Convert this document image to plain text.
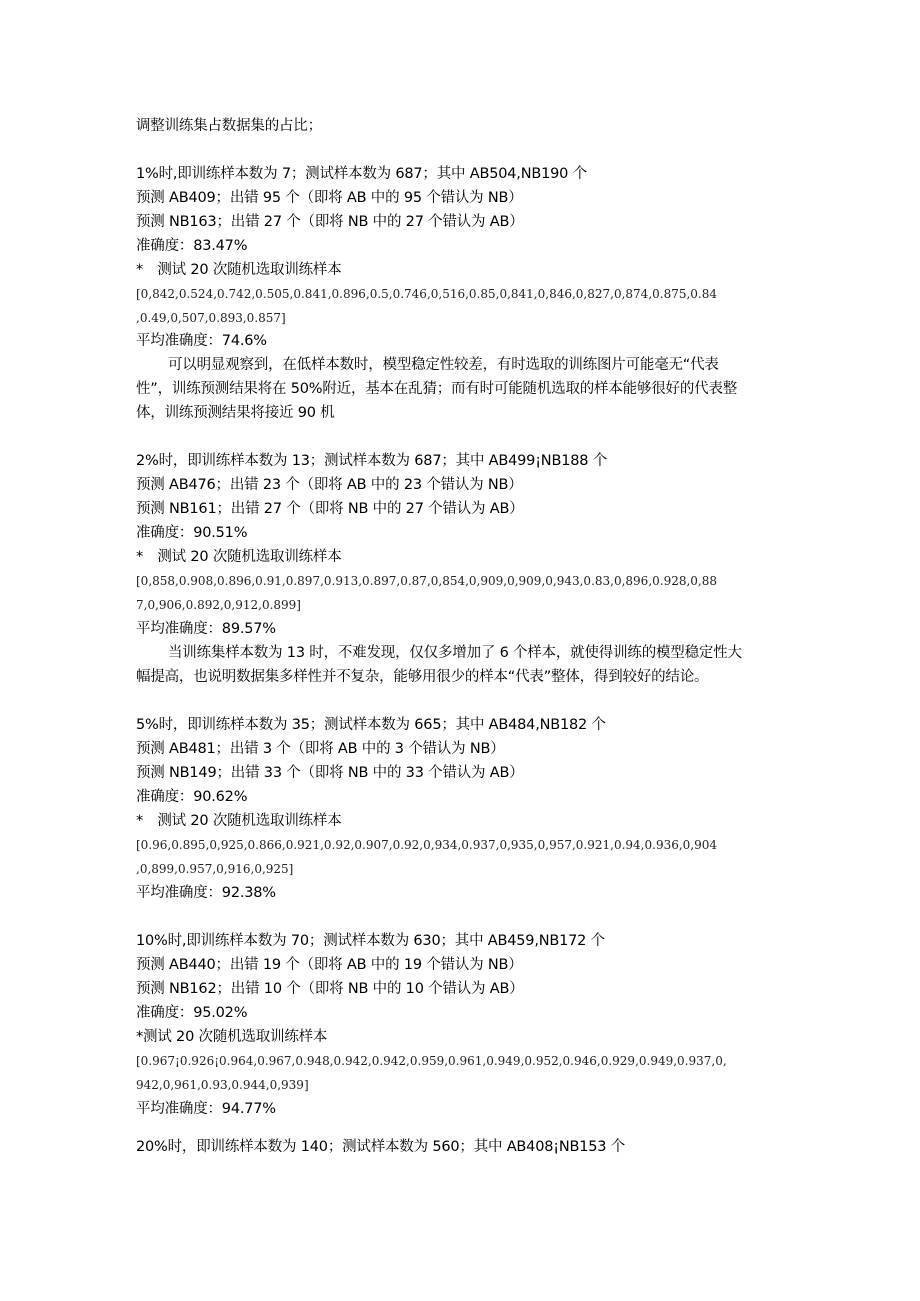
调整训练集占数据集的占比；
1%时,即训练样本数为 7；测试样本数为 687；其中 AB504,NB190 个
预测 AB409；出错 95 个（即将 AB 中的 95 个错认为 NB）
预测 NB163；出错 27 个（即将 NB 中的 27 个错认为 AB）
准确度：83.47%
*　测试 20 次随机选取训练样本
[0,842,0.524,0.742,0.505,0.841,0.896,0.5,0.746,0,516,0.85,0,841,0,846,0,827,0,874,0.875,0.84
,0.49,0,507,0.893,0.857]
平均准确度：74.6%
可以明显观察到，在低样本数时，模型稳定性较差，有时选取的训练图片可能毫无“代表
性”，训练预测结果将在 50%附近，基本在乱猜；而有时可能随机选取的样本能够很好的代表整
体，训练预测结果将接近 90 机
2%时，即训练样本数为 13；测试样本数为 687；其中 AB499¡NB188 个
预测 AB476；出错 23 个（即将 AB 中的 23 个错认为 NB）
预测 NB161；出错 27 个（即将 NB 中的 27 个错认为 AB）
准确度：90.51%
*　测试 20 次随机选取训练样本
[0,858,0.908,0.896,0.91,0.897,0.913,0.897,0.87,0,854,0,909,0,909,0,943,0.83,0,896,0.928,0,88
7,0,906,0.892,0,912,0.899]
平均准确度：89.57%
当训练集样本数为 13 时，不难发现，仅仅多增加了 6 个样本，就使得训练的模型稳定性大
幅提高，也说明数据集多样性并不复杂，能够用很少的样本“代表”整体，得到较好的结论。
5%时，即训练样本数为 35；测试样本数为 665；其中 AB484,NB182 个
预测 AB481；出错 3 个（即将 AB 中的 3 个错认为 NB）
预测 NB149；出错 33 个（即将 NB 中的 33 个错认为 AB）
准确度：90.62%
*　测试 20 次随机选取训练样本
[0.96,0.895,0,925,0.866,0.921,0.92,0.907,0.92,0,934,0.937,0,935,0,957,0.921,0.94,0.936,0,904
,0,899,0.957,0,916,0,925]
平均准确度：92.38%
10%时,即训练样本数为 70；测试样本数为 630；其中 AB459,NB172 个
预测 AB440；出错 19 个（即将 AB 中的 19 个错认为 NB）
预测 NB162；出错 10 个（即将 NB 中的 10 个错认为 AB）
准确度：95.02%
*测试 20 次随机选取训练样本
[0.967¡0.926¡0.964,0.967,0.948,0.942,0.942,0.959,0.961,0.949,0.952,0.946,0.929,0.949,0.937,0,
942,0,961,0.93,0.944,0,939]
平均准确度：94.77%
20%时，即训练样本数为 140；测试样本数为 560；其中 AB408¡NB153 个
